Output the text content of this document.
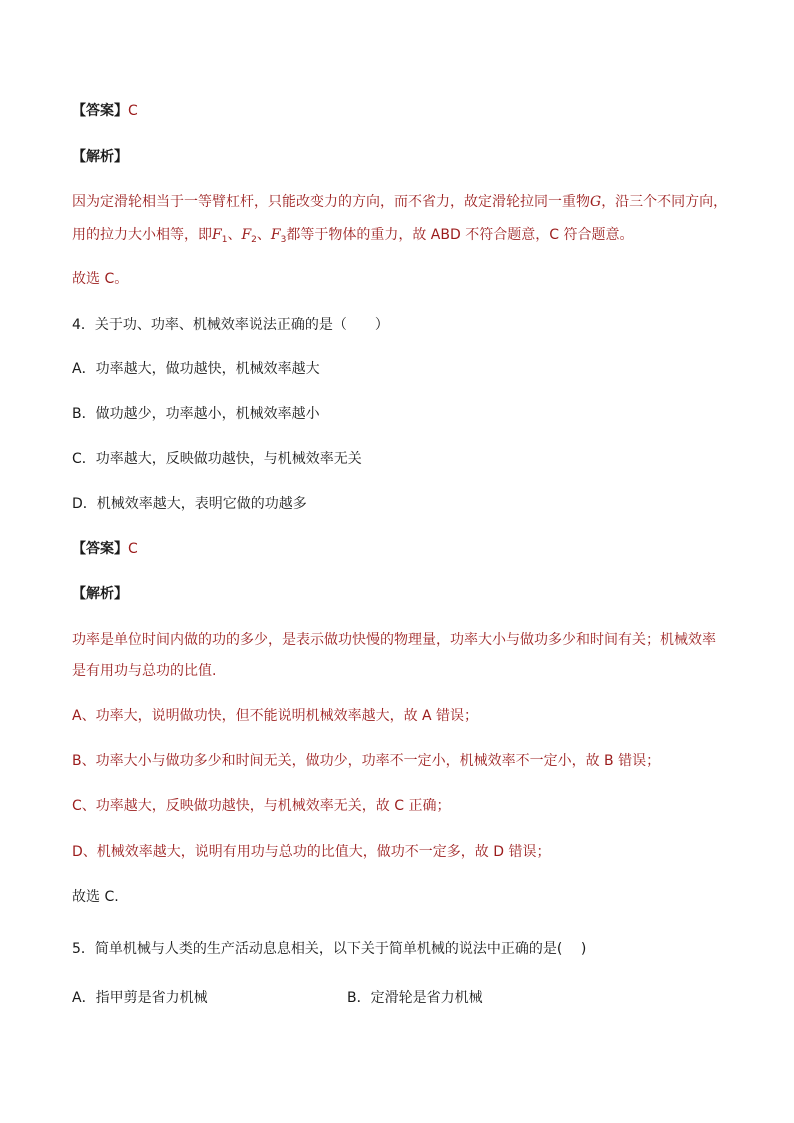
【答案】C
【解析】
因为定滑轮相当于一等臂杠杆，只能改变力的方向，而不省力，故定滑轮拉同一重物G，沿三个不同方向，
用的拉力大小相等，即$F_1$、$F_2$、$F_3$都等于物体的重力，故 ABD 不符合题意，C 符合题意。
故选 C。
4．关于功、功率、机械效率说法正确的是（　　）
A．功率越大，做功越快，机械效率越大
B．做功越少，功率越小，机械效率越小
C．功率越大，反映做功越快，与机械效率无关
D．机械效率越大，表明它做的功越多
【答案】C
【解析】
功率是单位时间内做的功的多少，是表示做功快慢的物理量，功率大小与做功多少和时间有关；机械效率
是有用功与总功的比值.
A、功率大，说明做功快，但不能说明机械效率越大，故 A 错误；
B、功率大小与做功多少和时间无关，做功少，功率不一定小，机械效率不一定小，故 B 错误；
C、功率越大，反映做功越快，与机械效率无关，故 C 正确；
D、机械效率越大，说明有用功与总功的比值大，做功不一定多，故 D 错误；
故选 C.
5．简单机械与人类的生产活动息息相关，以下关于简单机械的说法中正确的是(　 )
A．指甲剪是省力机械	B．定滑轮是省力机械
